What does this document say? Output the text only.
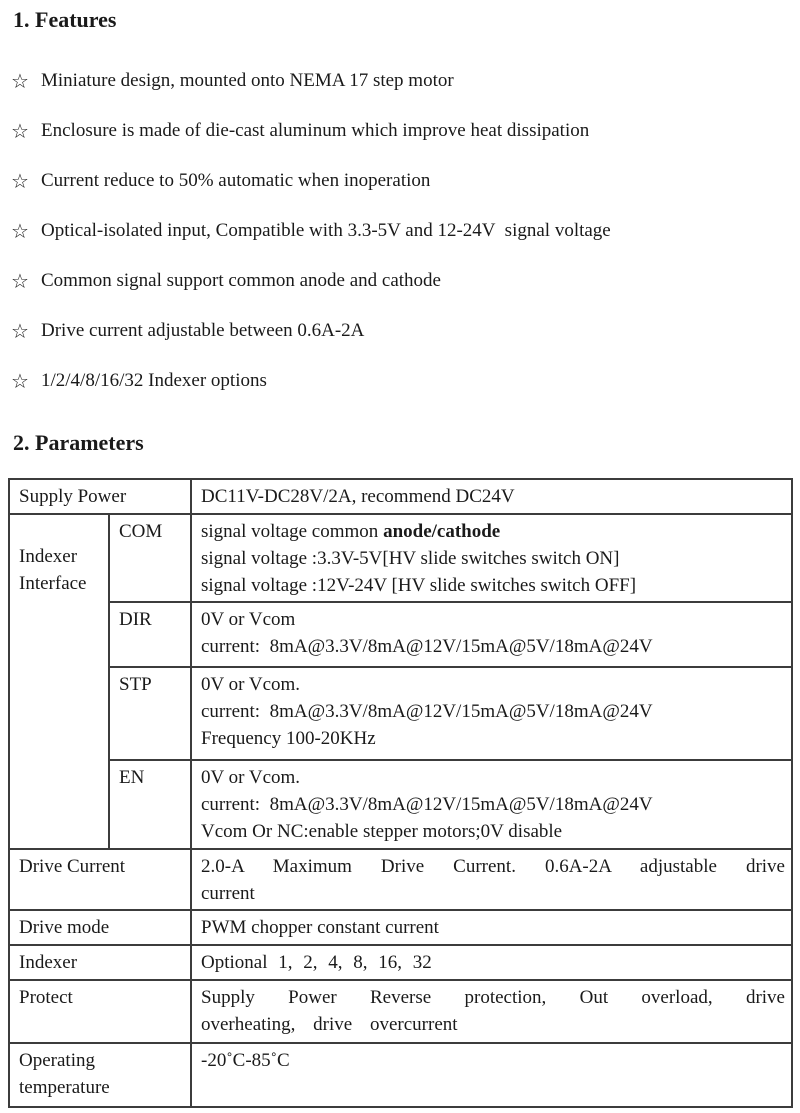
1. Features
☆ Miniature design, mounted onto NEMA 17 step motor
☆ Enclosure is made of die-cast aluminum which improve heat dissipation
☆ Current reduce to 50% automatic when inoperation
☆ Optical-isolated input, Compatible with 3.3-5V and 12-24V  signal voltage
☆ Common signal support common anode and cathode
☆ Drive current adjustable between 0.6A-2A
☆ 1/2/4/8/16/32 Indexer options
2. Parameters
Supply Power		DC11V-DC28V/2A, recommend DC24V

Indexer Interface	COM	signal voltage common anode/cathode
signal voltage :3.3V-5V[HV slide switches switch ON]
signal voltage :12V-24V [HV slide switches switch OFF]

	DIR	0V or Vcom
current:  8mA@3.3V/8mA@12V/15mA@5V/18mA@24V

	STP	0V or Vcom.
current:  8mA@3.3V/8mA@12V/15mA@5V/18mA@24V
Frequency 100-20KHz

	EN	0V or Vcom.
current:  8mA@3.3V/8mA@12V/15mA@5V/18mA@24V
Vcom Or NC:enable stepper motors;0V disable

Drive Current		2.0-A Maximum Drive Current. 0.6A-2A adjustable drive current
Drive mode		PWM chopper constant current
Indexer		Optional 1, 2, 4, 8, 16, 32
Protect		Supply Power Reverse protection, Out overload, drive overheating, drive overcurrent

Operating temperature		-20˚C-85˚C
